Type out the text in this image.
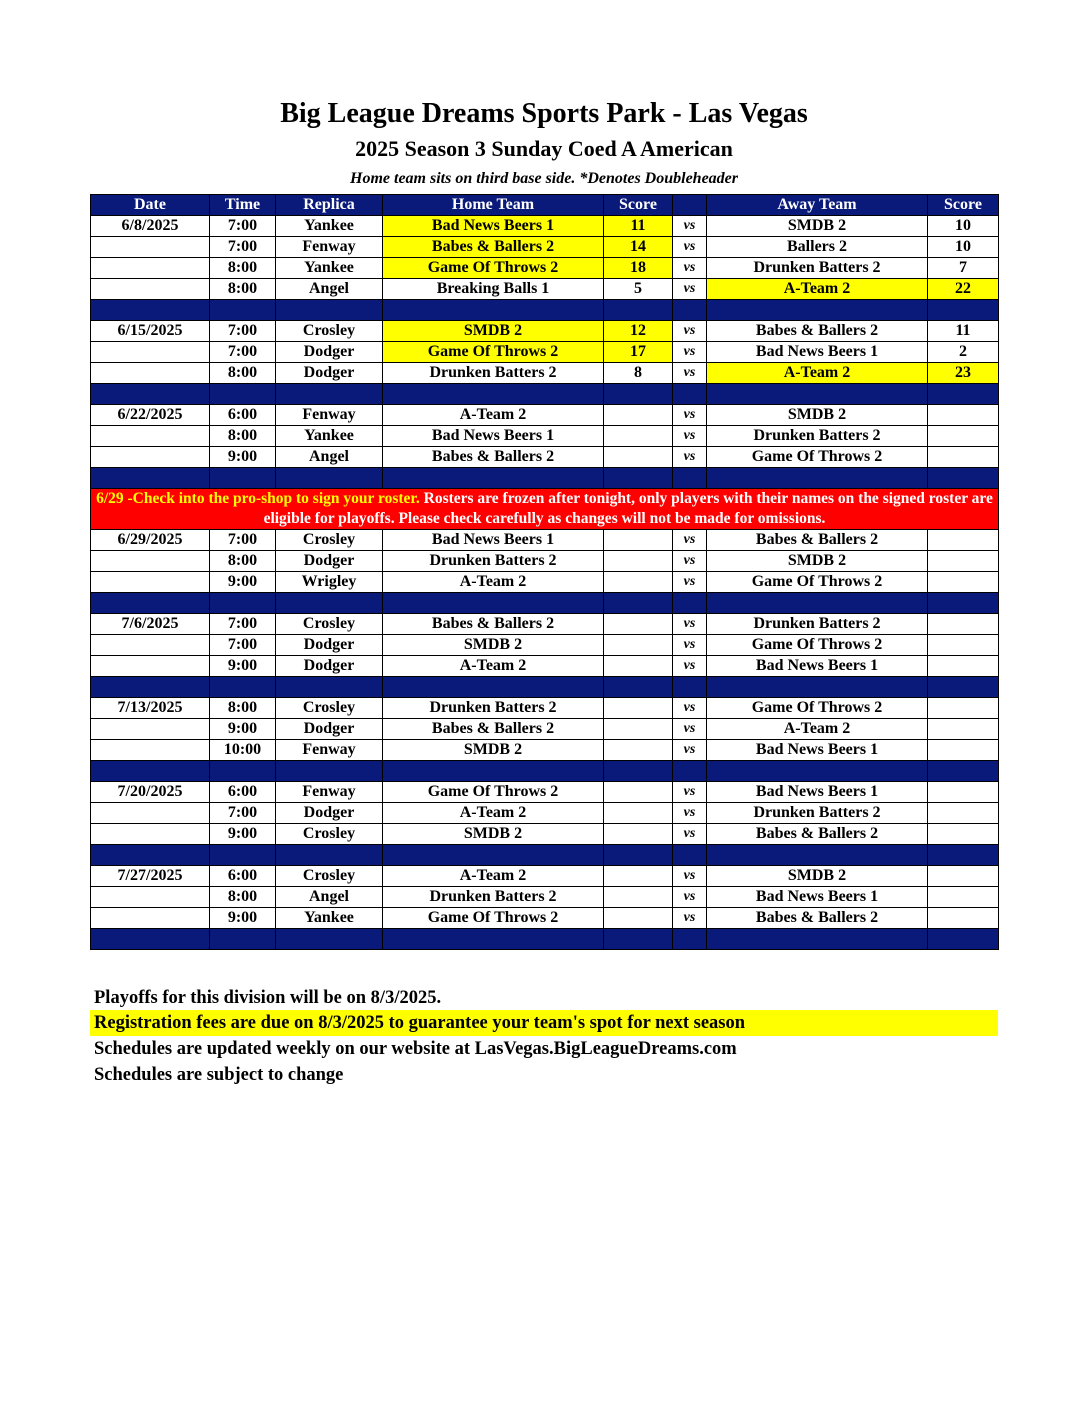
Big League Dreams Sports Park - Las Vegas
2025 Season 3 Sunday Coed A American
Home team sits on third base side. *Denotes Doubleheader
Date	Time	Replica	Home Team	Score		Away Team	Score
6/8/2025	7:00	Yankee	Bad News Beers 1	11	vs	SMDB 2	10
	7:00	Fenway	Babes & Ballers 2	14	vs	Ballers 2	10
	8:00	Yankee	Game Of Throws 2	18	vs	Drunken Batters 2	7
	8:00	Angel	Breaking Balls 1	5	vs	A-Team 2	22

6/15/2025	7:00	Crosley	SMDB 2	12	vs	Babes & Ballers 2	11
	7:00	Dodger	Game Of Throws 2	17	vs	Bad News Beers 1	2
	8:00	Dodger	Drunken Batters 2	8	vs	A-Team 2	23

6/22/2025	6:00	Fenway	A-Team 2		vs	SMDB 2	
	8:00	Yankee	Bad News Beers 1		vs	Drunken Batters 2	
	9:00	Angel	Babes & Ballers 2		vs	Game Of Throws 2	

6/29 -Check into the pro-shop to sign your roster. Rosters are frozen after tonight, only players with their names on the signed roster are eligible for playoffs. Please check carefully as changes will not be made for omissions.							
6/29/2025	7:00	Crosley	Bad News Beers 1		vs	Babes & Ballers 2	
	8:00	Dodger	Drunken Batters 2		vs	SMDB 2	
	9:00	Wrigley	A-Team 2		vs	Game Of Throws 2	

7/6/2025	7:00	Crosley	Babes & Ballers 2		vs	Drunken Batters 2	
	7:00	Dodger	SMDB 2		vs	Game Of Throws 2	
	9:00	Dodger	A-Team 2		vs	Bad News Beers 1	

7/13/2025	8:00	Crosley	Drunken Batters 2		vs	Game Of Throws 2	
	9:00	Dodger	Babes & Ballers 2		vs	A-Team 2	
	10:00	Fenway	SMDB 2		vs	Bad News Beers 1	

7/20/2025	6:00	Fenway	Game Of Throws 2		vs	Bad News Beers 1	
	7:00	Dodger	A-Team 2		vs	Drunken Batters 2	
	9:00	Crosley	SMDB 2		vs	Babes & Ballers 2	

7/27/2025	6:00	Crosley	A-Team 2		vs	SMDB 2	
	8:00	Angel	Drunken Batters 2		vs	Bad News Beers 1	
	9:00	Yankee	Game Of Throws 2		vs	Babes & Ballers 2	

Playoffs for this division will be on 8/3/2025.
Registration fees are due on 8/3/2025 to guarantee your team's spot for next season
Schedules are updated weekly on our website at LasVegas.BigLeagueDreams.com
Schedules are subject to change
